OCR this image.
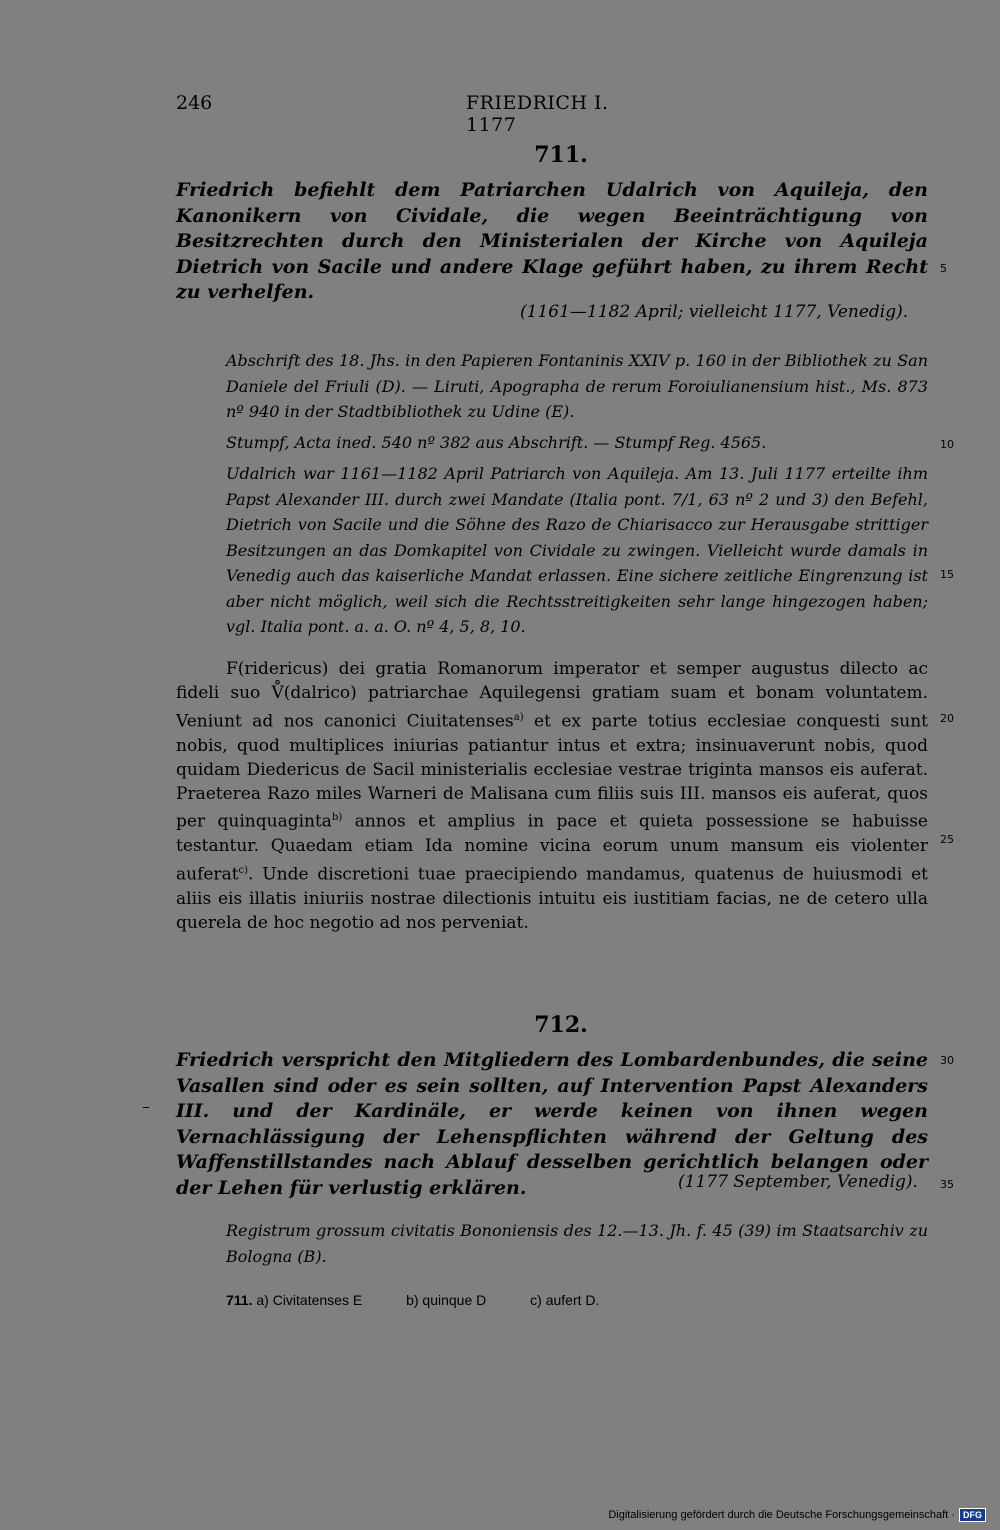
246	FRIEDRICH I. 1177
711.
Friedrich befiehlt dem Patriarchen Udalrich von Aquileja, den Kanonikern von Cividale, die wegen Beeinträchtigung von Besitzrechten durch den Ministerialen der Kirche von Aquileja Dietrich von Sacile und andere Klage geführt haben, zu ihrem Recht zu verhelfen.
(1161—1182 April; vielleicht 1177, Venedig).
Abschrift des 18. Jhs. in den Papieren Fontaninis XXIV p. 160 in der Bibliothek zu San Daniele del Friuli (D). — Liruti, Apographa de rerum Foroiulianensium hist., Ms. 873 nº 940 in der Stadtbibliothek zu Udine (E).
Stumpf, Acta ined. 540 nº 382 aus Abschrift. — Stumpf Reg. 4565.
Udalrich war 1161—1182 April Patriarch von Aquileja. Am 13. Juli 1177 erteilte ihm Papst Alexander III. durch zwei Mandate (Italia pont. 7/1, 63 nº 2 und 3) den Befehl, Dietrich von Sacile und die Söhne des Razo de Chiarisacco zur Herausgabe strittiger Besitzungen an das Domkapitel von Cividale zu zwingen. Vielleicht wurde damals in Venedig auch das kaiserliche Mandat erlassen. Eine sichere zeitliche Eingrenzung ist aber nicht möglich, weil sich die Rechtsstreitigkeiten sehr lange hingezogen haben; vgl. Italia pont. a. a. O. nº 4, 5, 8, 10.
F(ridericus) dei gratia Romanorum imperator et semper augustus dilecto ac fideli suo V̊(dalrico) patriarchae Aquilegensi gratiam suam et bonam voluntatem. Veniunt ad nos canonici Ciuitatenses$^{a)}$ et ex parte totius ecclesiae conquesti sunt nobis, quod multiplices iniurias patiantur intus et extra; insinuaverunt nobis, quod quidam Diedericus de Sacil ministerialis ecclesiae vestrae triginta mansos eis auferat. Praeterea Razo miles Warneri de Malisana cum filiis suis III. mansos eis auferat, quos per quinquaginta$^{b)}$ annos et amplius in pace et quieta possessione se habuisse testantur. Quaedam etiam Ida nomine vicina eorum unum mansum eis violenter auferat$^{c)}$. Unde discretioni tuae praecipiendo mandamus, quatenus de huiusmodi et aliis eis illatis iniuriis nostrae dilectionis intuitu eis iustitiam facias, ne de cetero ulla querela de hoc negotio ad nos perveniat.
712.
Friedrich verspricht den Mitgliedern des Lombardenbundes, die seine Vasallen sind oder es sein sollten, auf Intervention Papst Alexanders III. und der Kardinäle, er werde keinen von ihnen wegen Vernachlässigung der Lehenspflichten während der Geltung des Waffenstillstandes nach Ablauf desselben gerichtlich belangen oder der Lehen für verlustig erklären.	(1177 September, Venedig).
Registrum grossum civitatis Bononiensis des 12.—13. Jh. f. 45 (39) im Staatsarchiv zu Bologna (B).
711. a) Civitatenses E	b) quinque D	c) aufert D.
5
10
15
20
25
30
35
Digitalisierung gefördert durch die Deutsche Forschungsgemeinschaft · DFG
